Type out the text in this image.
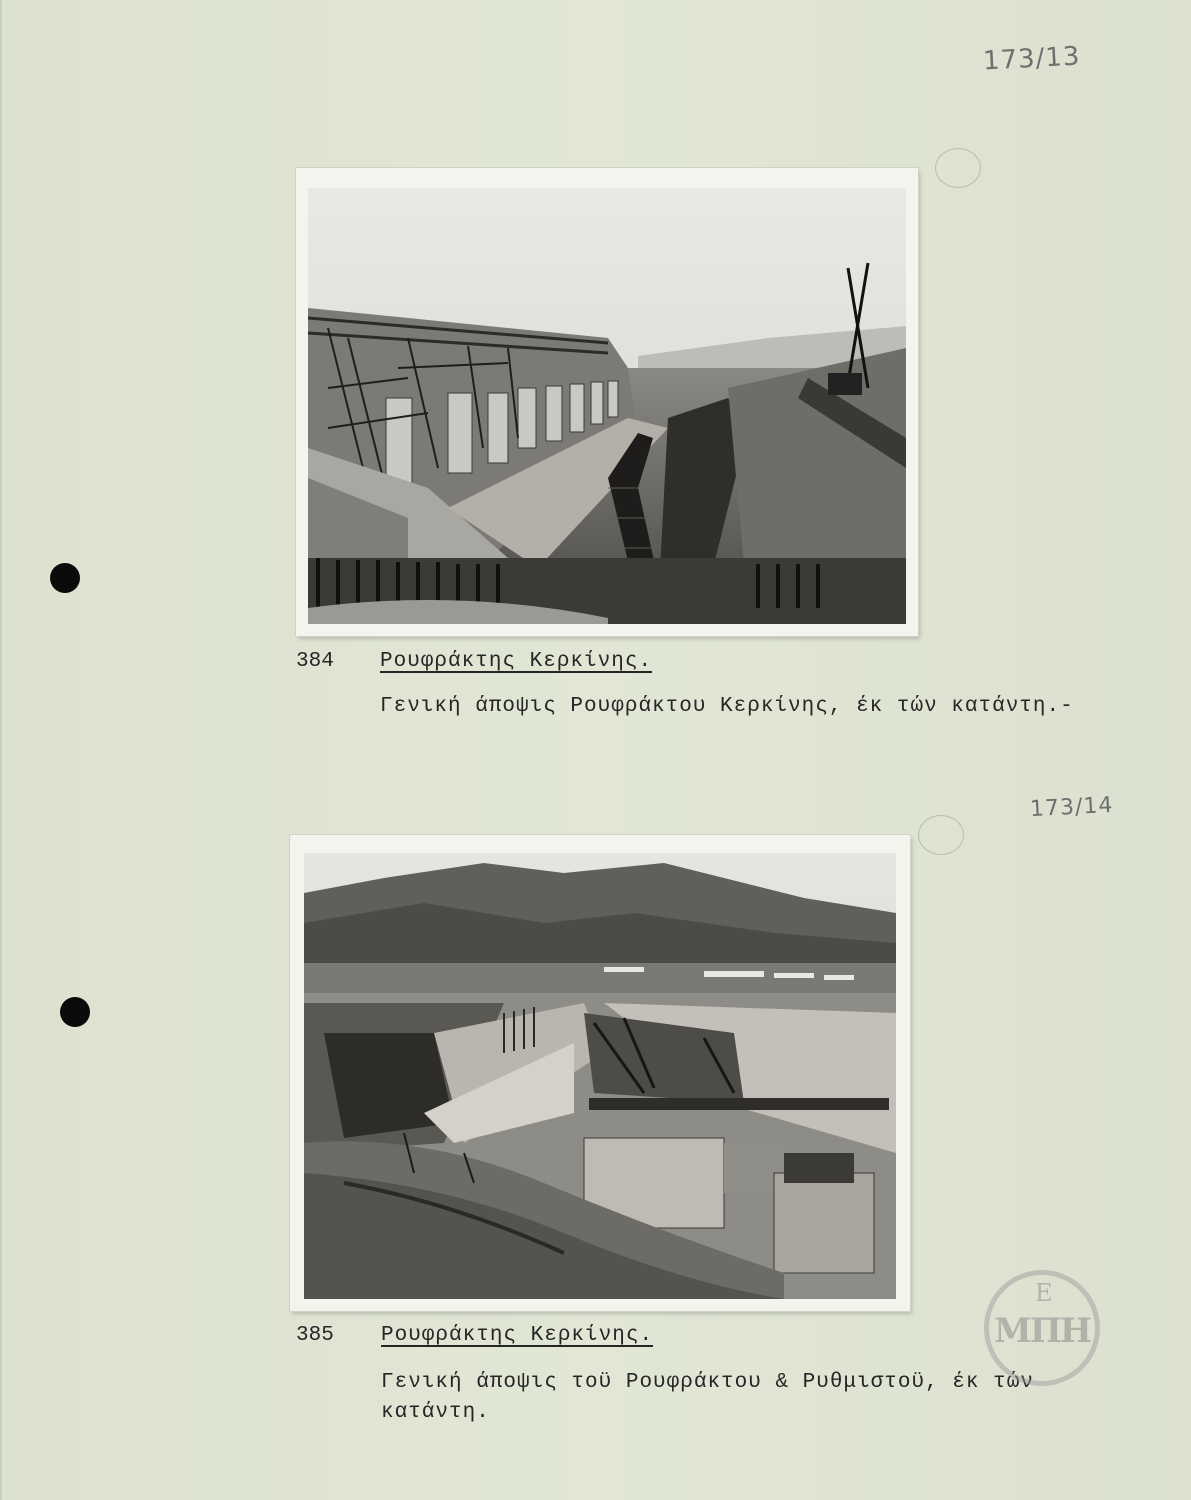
173/13
173/14
384 Ρουφράκτης Κερκίνης.
Γενική άποψις Ρουφράκτου Κερκίνης, έκ τών κατάντη.-
385 Ρουφράκτης Κερκίνης.
Γενική άποψις τοϋ Ρουφράκτου & Ρυθμιστοϋ, έκ τών κατάντη.
Ε
ΜΠΗ
